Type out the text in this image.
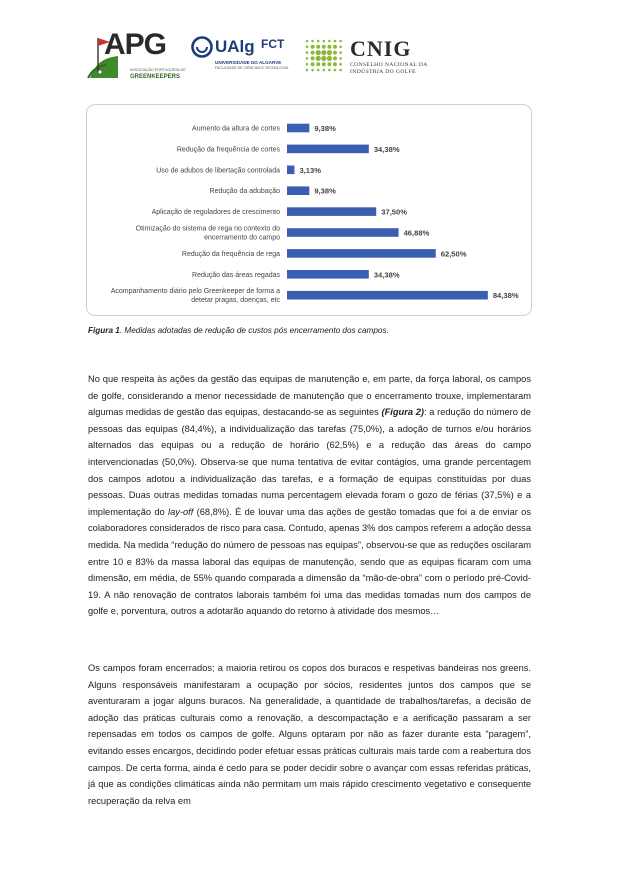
APG
ASSOCIAÇÃO PORTUGUESA DE
GREENKEEPERS
UAlg FCT
UNIVERSIDADE DO ALGARVE
FACULDADE DE CIÊNCIAS E TECNOLOGIA
CNIG
CONSELHO NACIONAL DA
INDÚSTRIA DO GOLFE
Aumento da altura de cortes	9,38%
Redução da frequência de cortes	34,38%
Uso de adubos de libertação controlada	3,13%
Redução da adubação	9,38%
Aplicação de reguladores de crescimento	37,50%
Otimização do sistema de rega no contexto do encerramento do campo
46,88%
Redução da frequência de rega	62,50%
Redução das áreas regadas	34,38%
Acompanhamento diário pelo Greenkeeper de forma a detetar pragas, doenças, etc
84,38%
Figura 1. Medidas adotadas de redução de custos pós encerramento dos campos.

No que respeita às ações da gestão das equipas de manutenção e, em parte, da força laboral, os campos de golfe, considerando a menor necessidade de manutenção que o encerramento trouxe, implementaram algumas medidas de gestão das equipas, destacando-se as seguintes (Figura 2): a redução do número de pessoas das equipas (84,4%), a individualização das tarefas (75,0%), a adoção de turnos e/ou horários alternados das equipas ou a redução de horário (62,5%) e a redução das áreas do campo intervencionadas (50,0%). Observa-se que numa tentativa de evitar contágios, uma grande percentagem dos campos adotou a individualização das tarefas, e a formação de equipas constituídas por duas pessoas. Duas outras medidas tomadas numa percentagem elevada foram o gozo de férias (37,5%) e a implementação do lay-off (68,8%). É de louvar uma das ações de gestão tomadas que foi a de enviar os colaboradores considerados de risco para casa. Contudo, apenas 3% dos campos referem a adoção dessa medida. Na medida “redução do número de pessoas nas equipas”, observou-se que as reduções oscilaram entre 10 e 83% da massa laboral das equipas de manutenção, sendo que as equipas ficaram com uma dimensão, em média, de 55% quando comparada a dimensão da “mão-de-obra” com o período pré-Covid-19. A não renovação de contratos laborais também foi uma das medidas tomadas num dos campos de golfe e, porventura, outros a adotarão aquando do retorno à atividade dos mesmos…

Os campos foram encerrados; a maioria retirou os copos dos buracos e respetivas bandeiras nos greens. Alguns responsáveis manifestaram a ocupação por sócios, residentes juntos dos campos que se aventuraram a jogar alguns buracos. Na generalidade, a quantidade de trabalhos/tarefas, a decisão de adoção das práticas culturais como a renovação, a descompactação e a aerificação passaram a ser repensadas em todos os campos de golfe. Alguns optaram por não as fazer durante esta “paragem”, evitando esses encargos, decidindo poder efetuar essas práticas culturais mais tarde com a reabertura dos campos. De certa forma, ainda é cedo para se poder decidir sobre o avançar com essas referidas práticas, já que as condições climáticas ainda não permitam um mais rápido crescimento vegetativo e consequente recuperação da relva em
